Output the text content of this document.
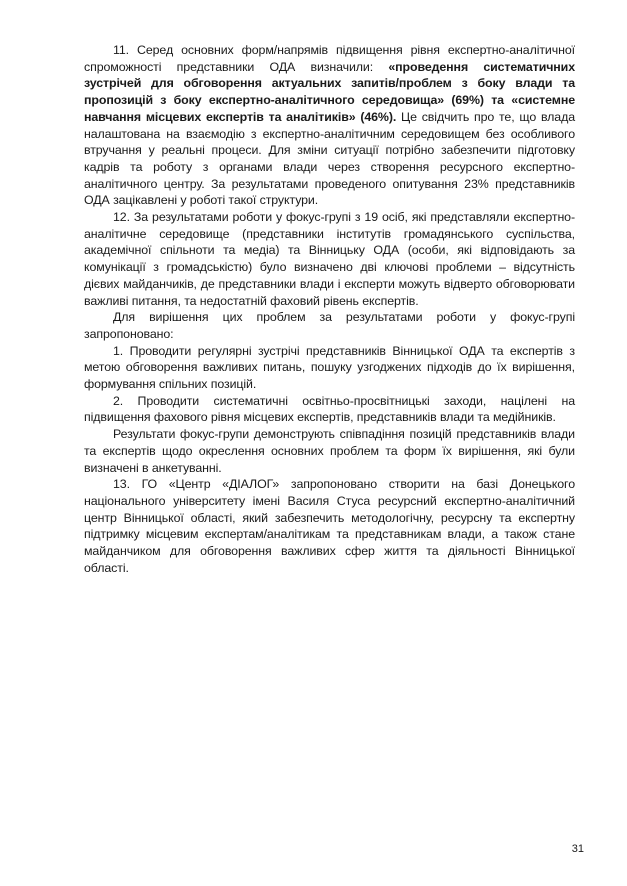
11. Серед основних форм/напрямів підвищення рівня експертно-аналітичної спроможності представники ОДА визначили: «проведення систематичних зустрічей для обговорення актуальних запитів/проблем з боку влади та пропозицій з боку експертно-аналітичного середовища» (69%) та «системне навчання місцевих експертів та аналітиків» (46%). Це свідчить про те, що влада налаштована на взаємодію з експертно-аналітичним середовищем без особливого втручання у реальні процеси. Для зміни ситуації потрібно забезпечити підготовку кадрів та роботу з органами влади через створення ресурсного експертно-аналітичного центру. За результатами проведеного опитування 23% представників ОДА зацікавлені у роботі такої структури.

12. За результатами роботи у фокус-групі з 19 осіб, які представляли експертно-аналітичне середовище (представники інститутів громадянського суспільства, академічної спільноти та медіа) та Вінницьку ОДА (особи, які відповідають за комунікації з громадськістю) було визначено дві ключові проблеми – відсутність дієвих майданчиків, де представники влади і експерти можуть відверто обговорювати важливі питання, та недостатній фаховий рівень експертів.

Для вирішення цих проблем за результатами роботи у фокус-групі запропоновано:

1. Проводити регулярні зустрічі представників Вінницької ОДА та експертів з метою обговорення важливих питань, пошуку узгоджених підходів до їх вирішення, формування спільних позицій.

2. Проводити систематичні освітньо-просвітницькі заходи, націлені на підвищення фахового рівня місцевих експертів, представників влади та медійників.

Результати фокус-групи демонструють співпадіння позицій представників влади та експертів щодо окреслення основних проблем та форм їх вирішення, які були визначені в анкетуванні.

13. ГО «Центр «ДІАЛОГ» запропоновано створити на базі Донецького національного університету імені Василя Стуса ресурсний експертно-аналітичний центр Вінницької області, який забезпечить методологічну, ресурсну та експертну підтримку місцевим експертам/аналітикам та представникам влади, а також стане майданчиком для обговорення важливих сфер життя та діяльності Вінницької області.

31
